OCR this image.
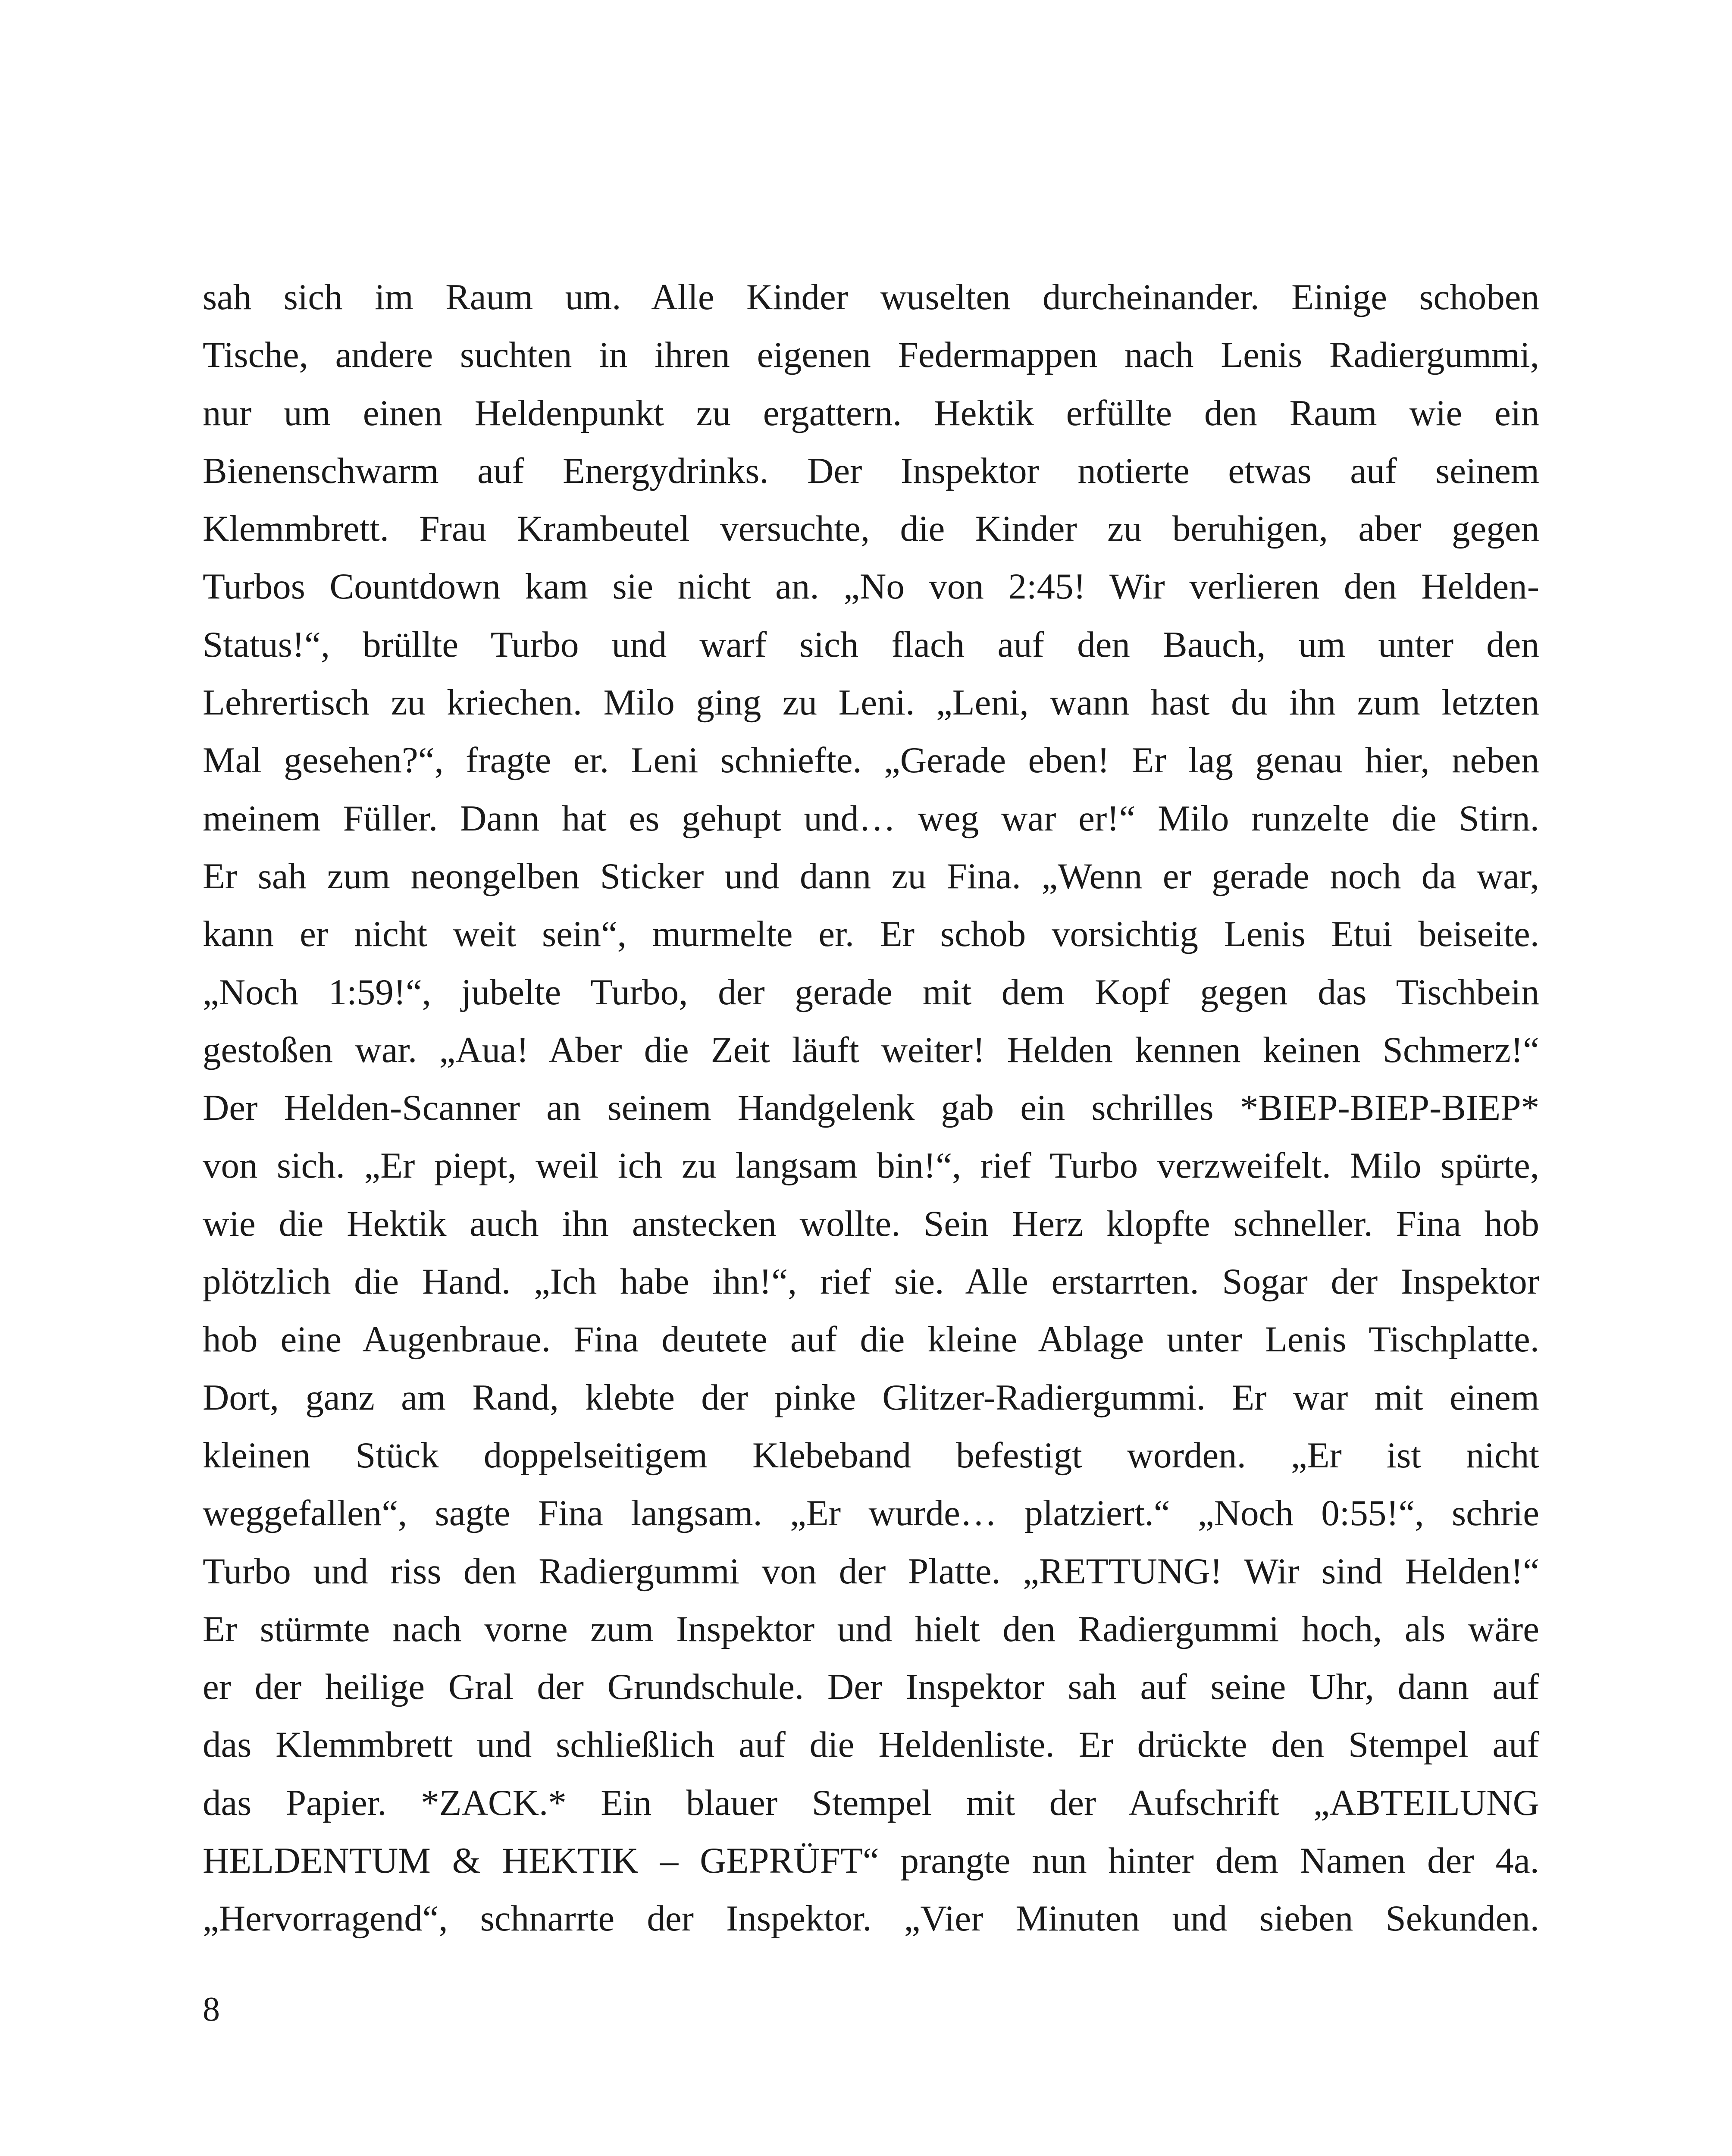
sah sich im Raum um. Alle Kinder wuselten durcheinander. Einige schoben
Tische, andere suchten in ihren eigenen Federmappen nach Lenis Radiergummi,
nur um einen Heldenpunkt zu ergattern. Hektik erfüllte den Raum wie ein
Bienenschwarm auf Energydrinks. Der Inspektor notierte etwas auf seinem
Klemmbrett. Frau Krambeutel versuchte, die Kinder zu beruhigen, aber gegen
Turbos Countdown kam sie nicht an. „No von 2:45! Wir verlieren den Helden-
Status!“, brüllte Turbo und warf sich flach auf den Bauch, um unter den
Lehrertisch zu kriechen. Milo ging zu Leni. „Leni, wann hast du ihn zum letzten
Mal gesehen?“, fragte er. Leni schniefte. „Gerade eben! Er lag genau hier, neben
meinem Füller. Dann hat es gehupt und… weg war er!“ Milo runzelte die Stirn.
Er sah zum neongelben Sticker und dann zu Fina. „Wenn er gerade noch da war,
kann er nicht weit sein“, murmelte er. Er schob vorsichtig Lenis Etui beiseite.
„Noch 1:59!“, jubelte Turbo, der gerade mit dem Kopf gegen das Tischbein
gestoßen war. „Aua! Aber die Zeit läuft weiter! Helden kennen keinen Schmerz!“
Der Helden-Scanner an seinem Handgelenk gab ein schrilles *BIEP-BIEP-BIEP*
von sich. „Er piept, weil ich zu langsam bin!“, rief Turbo verzweifelt. Milo spürte,
wie die Hektik auch ihn anstecken wollte. Sein Herz klopfte schneller. Fina hob
plötzlich die Hand. „Ich habe ihn!“, rief sie. Alle erstarrten. Sogar der Inspektor
hob eine Augenbraue. Fina deutete auf die kleine Ablage unter Lenis Tischplatte.
Dort, ganz am Rand, klebte der pinke Glitzer-Radiergummi. Er war mit einem
kleinen Stück doppelseitigem Klebeband befestigt worden. „Er ist nicht
weggefallen“, sagte Fina langsam. „Er wurde… platziert.“ „Noch 0:55!“, schrie
Turbo und riss den Radiergummi von der Platte. „RETTUNG! Wir sind Helden!“
Er stürmte nach vorne zum Inspektor und hielt den Radiergummi hoch, als wäre
er der heilige Gral der Grundschule. Der Inspektor sah auf seine Uhr, dann auf
das Klemmbrett und schließlich auf die Heldenliste. Er drückte den Stempel auf
das Papier. *ZACK.* Ein blauer Stempel mit der Aufschrift „ABTEILUNG
HELDENTUM & HEKTIK – GEPRÜFT“ prangte nun hinter dem Namen der 4a.
„Hervorragend“, schnarrte der Inspektor. „Vier Minuten und sieben Sekunden.
8
